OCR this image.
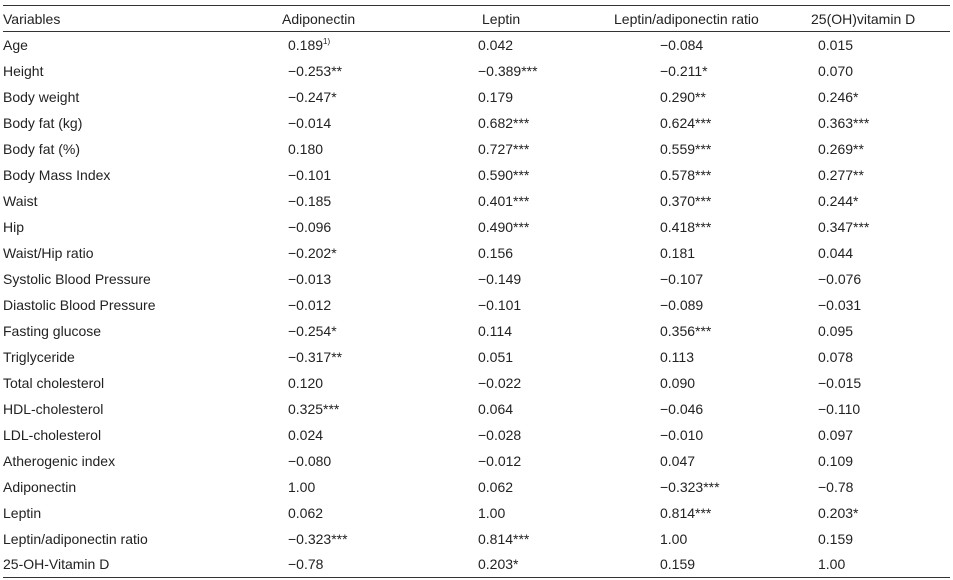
Variables	Adiponectin	Leptin	Leptin/adiponectin ratio	25(OH)vitamin D
Age	0.189$^{1)}$	0.042	−0.084	0.015
Height	−0.253**	−0.389***	−0.211*	0.070
Body weight	−0.247*	0.179	0.290**	0.246*
Body fat (kg)	−0.014	0.682***	0.624***	0.363***
Body fat (%)	0.180	0.727***	0.559***	0.269**
Body Mass Index	−0.101	0.590***	0.578***	0.277**
Waist	−0.185	0.401***	0.370***	0.244*
Hip	−0.096	0.490***	0.418***	0.347***
Waist/Hip ratio	−0.202*	0.156	0.181	0.044
Systolic Blood Pressure	−0.013	−0.149	−0.107	−0.076
Diastolic Blood Pressure	−0.012	−0.101	−0.089	−0.031
Fasting glucose	−0.254*	0.114	0.356***	0.095
Triglyceride	−0.317**	0.051	0.113	0.078
Total cholesterol	0.120	−0.022	0.090	−0.015
HDL-cholesterol	0.325***	0.064	−0.046	−0.110
LDL-cholesterol	0.024	−0.028	−0.010	0.097
Atherogenic index	−0.080	−0.012	0.047	0.109
Adiponectin	1.00	0.062	−0.323***	−0.78
Leptin	0.062	1.00	0.814***	0.203*
Leptin/adiponectin ratio	−0.323***	0.814***	1.00	0.159
25-OH-Vitamin D	−0.78	0.203*	0.159	1.00
